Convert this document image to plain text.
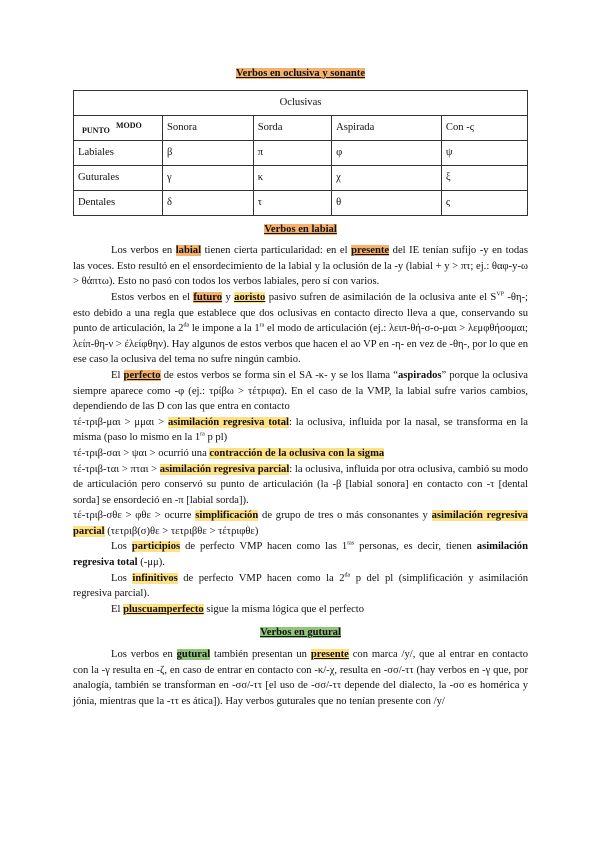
Verbos en oclusiva y sonante
Oclusivas				

PUNTO
MODO	Sonora	Sorda	Aspirada	Con -ς
Labiales	β	π	φ	ψ
Guturales	γ	κ	χ	ξ
Dentales	δ	τ	θ	ς
Verbos en labial

Los verbos en labial tienen cierta particularidad: en el presente del IE tenían sufijo -y en todas las voces. Esto resultó en el ensordecimiento de la labial y la oclusión de la -y (labial + y > πτ; ej.: θαφ-y-ω > θάπτω). Esto no pasó con todos los verbos labiales, pero sí con varios.

Estos verbos en el futuro y aoristo pasivo sufren de asimilación de la oclusiva ante el $S^{VP}$ -θη-; esto debido a una regla que establece que dos oclusivas en contacto directo lleva a que, conservando su punto de articulación, la $2^{da}$ le impone a la $1^{ra}$ el modo de articulación (ej.: λειπ-θή-σ-ο-μαι > λεμφθήσομαι; λείπ-θη-ν > ἐλείφθην). Hay algunos de estos verbos que hacen el ao VP en -η- en vez de -θη-, por lo que en ese caso la oclusiva del tema no sufre ningún cambio.

El perfecto de estos verbos se forma sin el SA -κ- y se los llama “aspirados” porque la oclusiva siempre aparece como -φ (ej.: τρίβω > τέτριφα). En el caso de la VMP, la labial sufre varios cambios, dependiendo de las D con las que entra en contacto

τέ-τριβ-μαι > μμαι > asimilación regresiva total: la oclusiva, influida por la nasal, se transforma en la misma (paso lo mismo en la $1^{ra}$ p pl)

τέ-τριβ-σαι > ψαι > ocurrió una contracción de la oclusiva con la sigma

τέ-τριβ-ται > πται > asimilación regresiva parcial: la oclusiva, influida por otra oclusiva, cambió su modo de articulación pero conservó su punto de articulación (la -β [labial sonora] en contacto con -τ [dental sorda] se ensordeció en -π [labial sorda]).

τέ-τριβ-σθε > φθε > ocurre simplificación de grupo de tres o más consonantes y asimilación regresiva parcial (τετριβ(σ)θε > τετριβθε > τέτριφθε)

Los participios de perfecto VMP hacen como las $1^{ras}$ personas, es decir, tienen asimilación regresiva total (-μμ).

Los infinitivos de perfecto VMP hacen como la $2^{da}$ p del pl (simplificación y asimilación regresiva parcial).

El pluscuamperfecto sigue la misma lógica que el perfecto

Verbos en gutural

Los verbos en gutural también presentan un presente con marca /y/, que al entrar en contacto con la -γ resulta en -ζ, en caso de entrar en contacto con -κ/-χ, resulta en -σσ/-ττ (hay verbos en -γ que, por analogía, también se transforman en -σσ/-ττ [el uso de -σσ/-ττ depende del dialecto, la -σσ es homérica y jónia, mientras que la -ττ es ática]). Hay verbos guturales que no tenían presente con /y/
